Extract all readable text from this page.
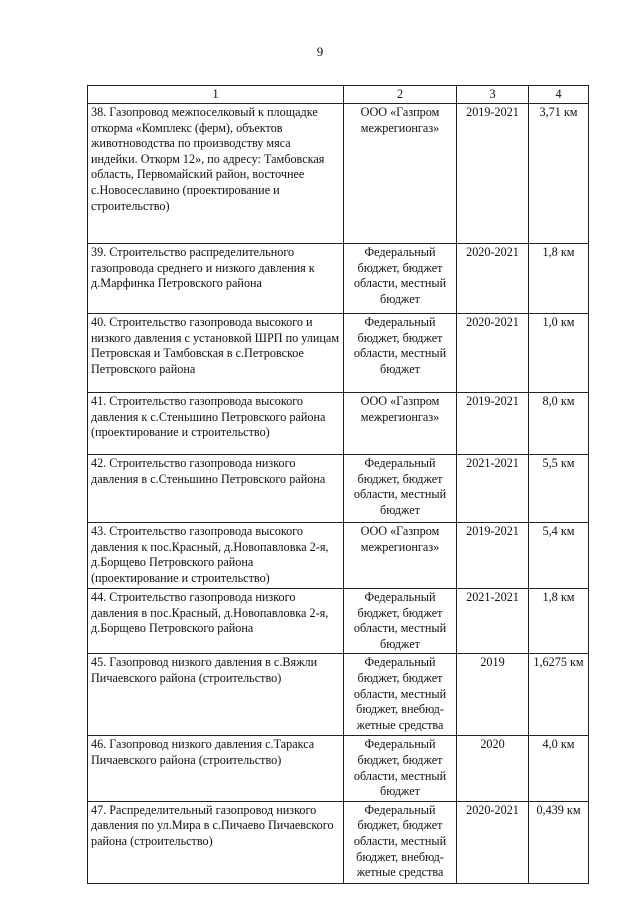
9
1	2	3	4
38. Газопровод межпоселковый к площадке откорма «Комплекс (ферм), объектов животноводства по производству мяса индейки. Откорм 12», по адресу: Тамбовская область, Первомайский район, восточнее с.Новосеславино (проектирование и строительство)	ООО «Газпром межрегионгаз»	2019-2021	3,71 км
39. Строительство распределительного газопровода среднего и низкого давления к д.Марфинка Петровского района	Федеральный бюджет, бюджет области, местный бюджет	2020-2021	1,8 км
40. Строительство газопровода высокого и низкого давления с установкой ШРП по улицам Петровская и Тамбовская в с.Петровское Петровского района	Федеральный бюджет, бюджет области, местный бюджет	2020-2021	1,0 км
41. Строительство газопровода высокого давления к с.Стеньшино Петровского района (проектирование и строительство)	ООО «Газпром межрегионгаз»	2019-2021	8,0 км
42. Строительство газопровода низкого давления в с.Стеньшино Петровского района	Федеральный бюджет, бюджет области, местный бюджет	2021-2021	5,5 км
43. Строительство газопровода высокого давления к пос.Красный, д.Новопавловка 2-я, д.Борщево Петровского района (проектирование и строительство)	ООО «Газпром межрегионгаз»	2019-2021	5,4 км
44. Строительство газопровода низкого давления в пос.Красный, д.Новопавловка 2-я, д.Борщево Петровского района	Федеральный бюджет, бюджет области, местный бюджет	2021-2021	1,8 км
45. Газопровод низкого давления в с.Вяжли Пичаевского района (строительство)	Федеральный бюджет, бюджет области, местный бюджет, внебюд-жетные средства	2019	1,6275 км
46. Газопровод низкого давления с.Таракса Пичаевского района (строительство)	Федеральный бюджет, бюджет области, местный бюджет	2020	4,0 км
47. Распределительный газопровод низкого давления по ул.Мира в с.Пичаево Пичаевского района (строительство)	Федеральный бюджет, бюджет области, местный бюджет, внебюд-жетные средства	2020-2021	0,439 км
